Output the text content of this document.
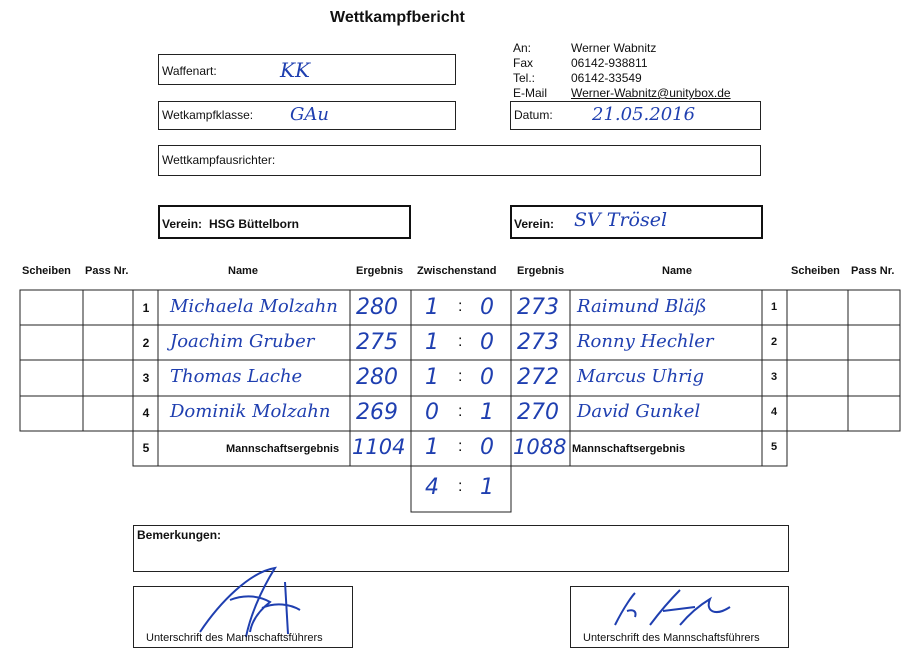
Wettkampfbericht
An:	Werner Wabnitz
Fax	06142-938811
Tel.:	06142-33549
E-Mail Werner-Wabnitz@unitybox.de
Waffenart:	KK
Wetkampfklasse: GAu	Datum: 21.05.2016
Wettkampfausrichter:
Verein: HSG Büttelborn	Verein: SV Trösel
Scheiben Pass Nr.	Name	Ergebnis Zwischenstand Ergebnis	Name	Scheiben Pass Nr.
1	Michaela Molzahn 280 1 : 0 273 Raimund Bläß	1
2	Joachim Gruber 275 1 : 0 273 Ronny Hechler	2
3	Thomas Lache 280 1 : 0 272 Marcus Uhrig	3
4	Dominik Molzahn 269 0 : 1 270 David Gunkel	4
5	Mannschaftsergebnis 1104 1 : 0 1088 Mannschaftsergebnis	5
4 : 1
Bemerkungen:
Unterschrift des Mannschaftsführers	Unterschrift des Mannschaftsführers
